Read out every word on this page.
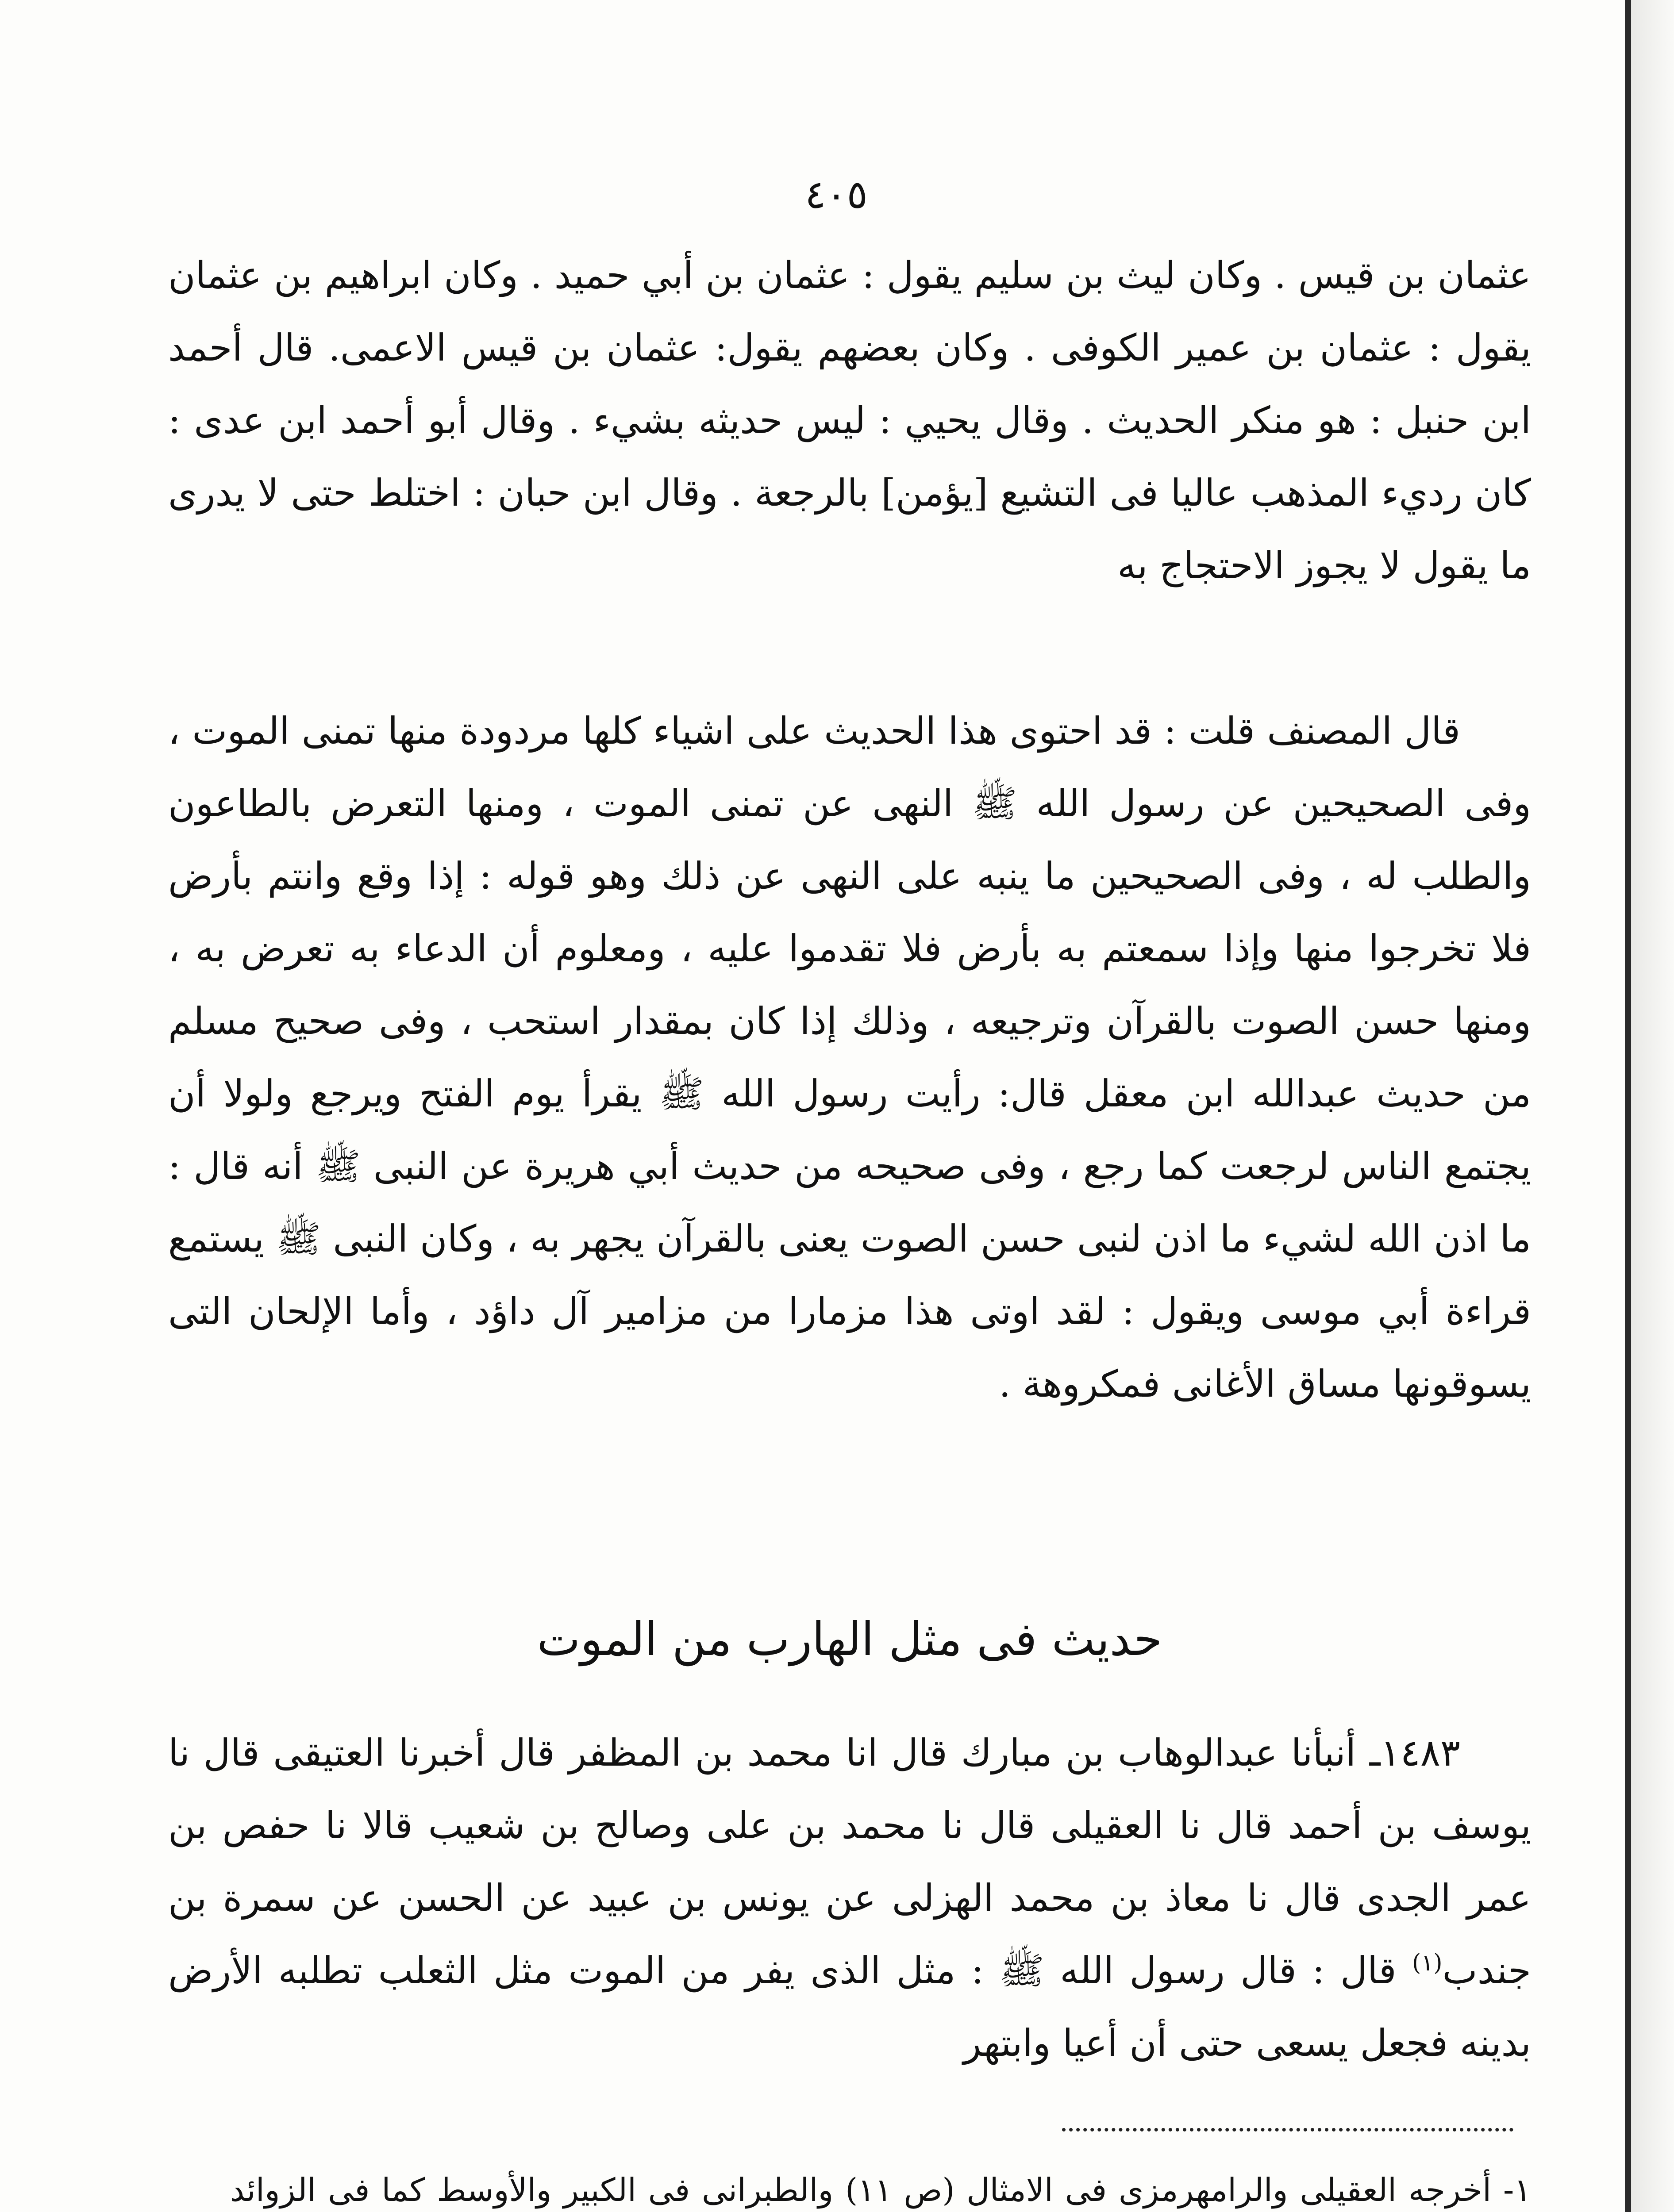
٤٠٥

عثمان بن قيس . وكان ليث بن سليم يقول : عثمان بن أبي حميد . وكان ابراهيم بن عثمان يقول : عثمان بن عمير الكوفى . وكان بعضهم يقول: عثمان بن قيس الاعمى. قال أحمد ابن حنبل : هو منكر الحديث . وقال يحيي : ليس حديثه بشيء . وقال أبو أحمد ابن عدى : كان رديء المذهب عاليا فى التشيع [يؤمن] بالرجعة . وقال ابن حبان : اختلط حتى لا يدرى ما يقول لا يجوز الاحتجاج به

قال المصنف قلت : قد احتوى هذا الحديث على اشياء كلها مردودة منها تمنى الموت ، وفى الصحيحين عن رسول الله ﷺ النهى عن تمنى الموت ، ومنها التعرض بالطاعون والطلب له ، وفى الصحيحين ما ينبه على النهى عن ذلك وهو قوله : إذا وقع وانتم بأرض فلا تخرجوا منها وإذا سمعتم به بأرض فلا تقدموا عليه ، ومعلوم أن الدعاء به تعرض به ، ومنها حسن الصوت بالقرآن وترجيعه ، وذلك إذا كان بمقدار استحب ، وفى صحيح مسلم من حديث عبدالله ابن معقل قال: رأيت رسول الله ﷺ يقرأ يوم الفتح ويرجع ولولا أن يجتمع الناس لرجعت كما رجع ، وفى صحيحه من حديث أبي هريرة عن النبى ﷺ أنه قال : ما اذن الله لشيء ما اذن لنبى حسن الصوت يعنى بالقرآن يجهر به ، وكان النبى ﷺ يستمع قراءة أبي موسى ويقول : لقد اوتى هذا مزمارا من مزامير آل داؤد ، وأما الإلحان التى يسوقونها مساق الأغانى فمكروهة .

حديث فى مثل الهارب من الموت

١٤٨٣ـ أنبأنا عبدالوهاب بن مبارك قال انا محمد بن المظفر قال أخبرنا العتيقى قال نا يوسف بن أحمد قال نا العقيلى قال نا محمد بن على وصالح بن شعيب قالا نا حفص بن عمر الجدى قال نا معاذ بن محمد الهزلى عن يونس بن عبيد عن الحسن عن سمرة بن جندب$^{(١)}$ قال : قال رسول الله ﷺ : مثل الذى يفر من الموت مثل الثعلب تطلبه الأرض بدينه فجعل يسعى حتى أن أعيا وابتهر

١- أخرجه العقيلى والرامهرمزى فى الامثال (ص ١١) والطبرانى فى الكبير والأوسط كما فى الزوائد
